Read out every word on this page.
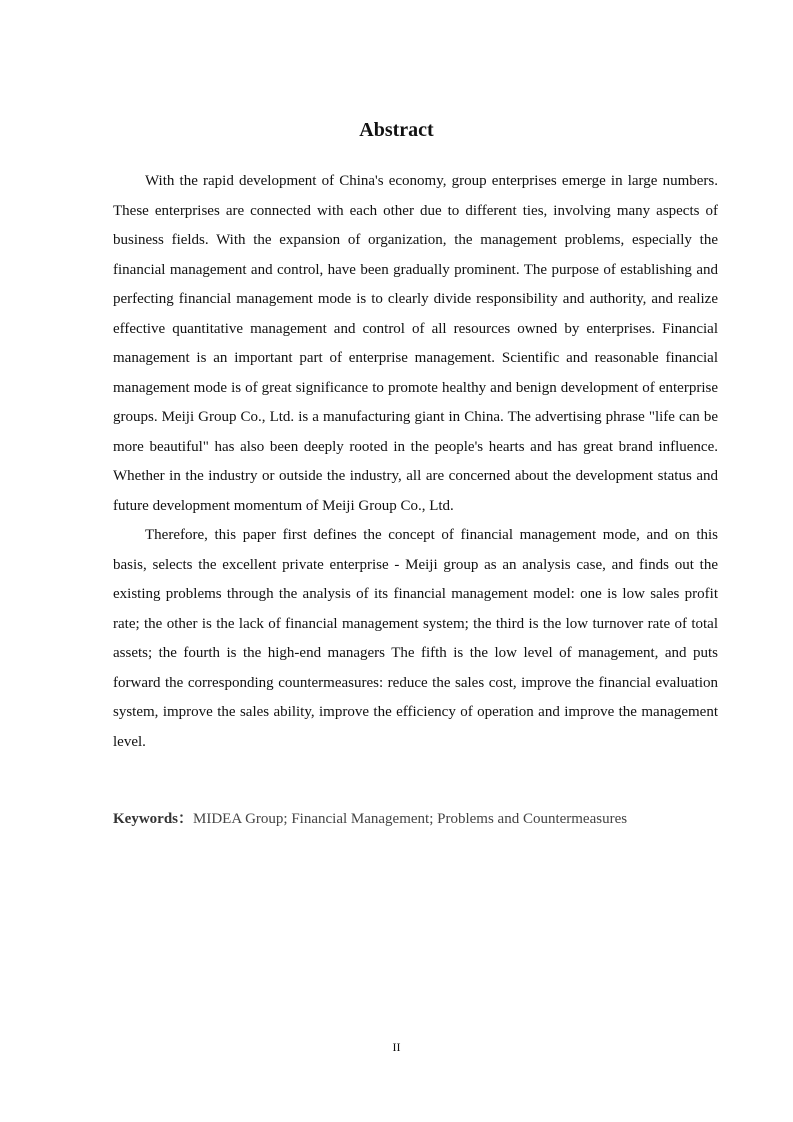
Abstract

With the rapid development of China's economy, group enterprises emerge in large numbers. These enterprises are connected with each other due to different ties, involving many aspects of business fields. With the expansion of organization, the management problems, especially the financial management and control, have been gradually prominent. The purpose of establishing and perfecting financial management mode is to clearly divide responsibility and authority, and realize effective quantitative management and control of all resources owned by enterprises. Financial management is an important part of enterprise management. Scientific and reasonable financial management mode is of great significance to promote healthy and benign development of enterprise groups. Meiji Group Co., Ltd. is a manufacturing giant in China. The advertising phrase "life can be more beautiful" has also been deeply rooted in the people's hearts and has great brand influence. Whether in the industry or outside the industry, all are concerned about the development status and future development momentum of Meiji Group Co., Ltd.

Therefore, this paper first defines the concept of financial management mode, and on this basis, selects the excellent private enterprise - Meiji group as an analysis case, and finds out the existing problems through the analysis of its financial management model: one is low sales profit rate; the other is the lack of financial management system; the third is the low turnover rate of total assets; the fourth is the high-end managers The fifth is the low level of management, and puts forward the corresponding countermeasures: reduce the sales cost, improve the financial evaluation system, improve the sales ability, improve the efficiency of operation and improve the management level.

Keywords：MIDEA Group; Financial Management; Problems and Countermeasures
II
